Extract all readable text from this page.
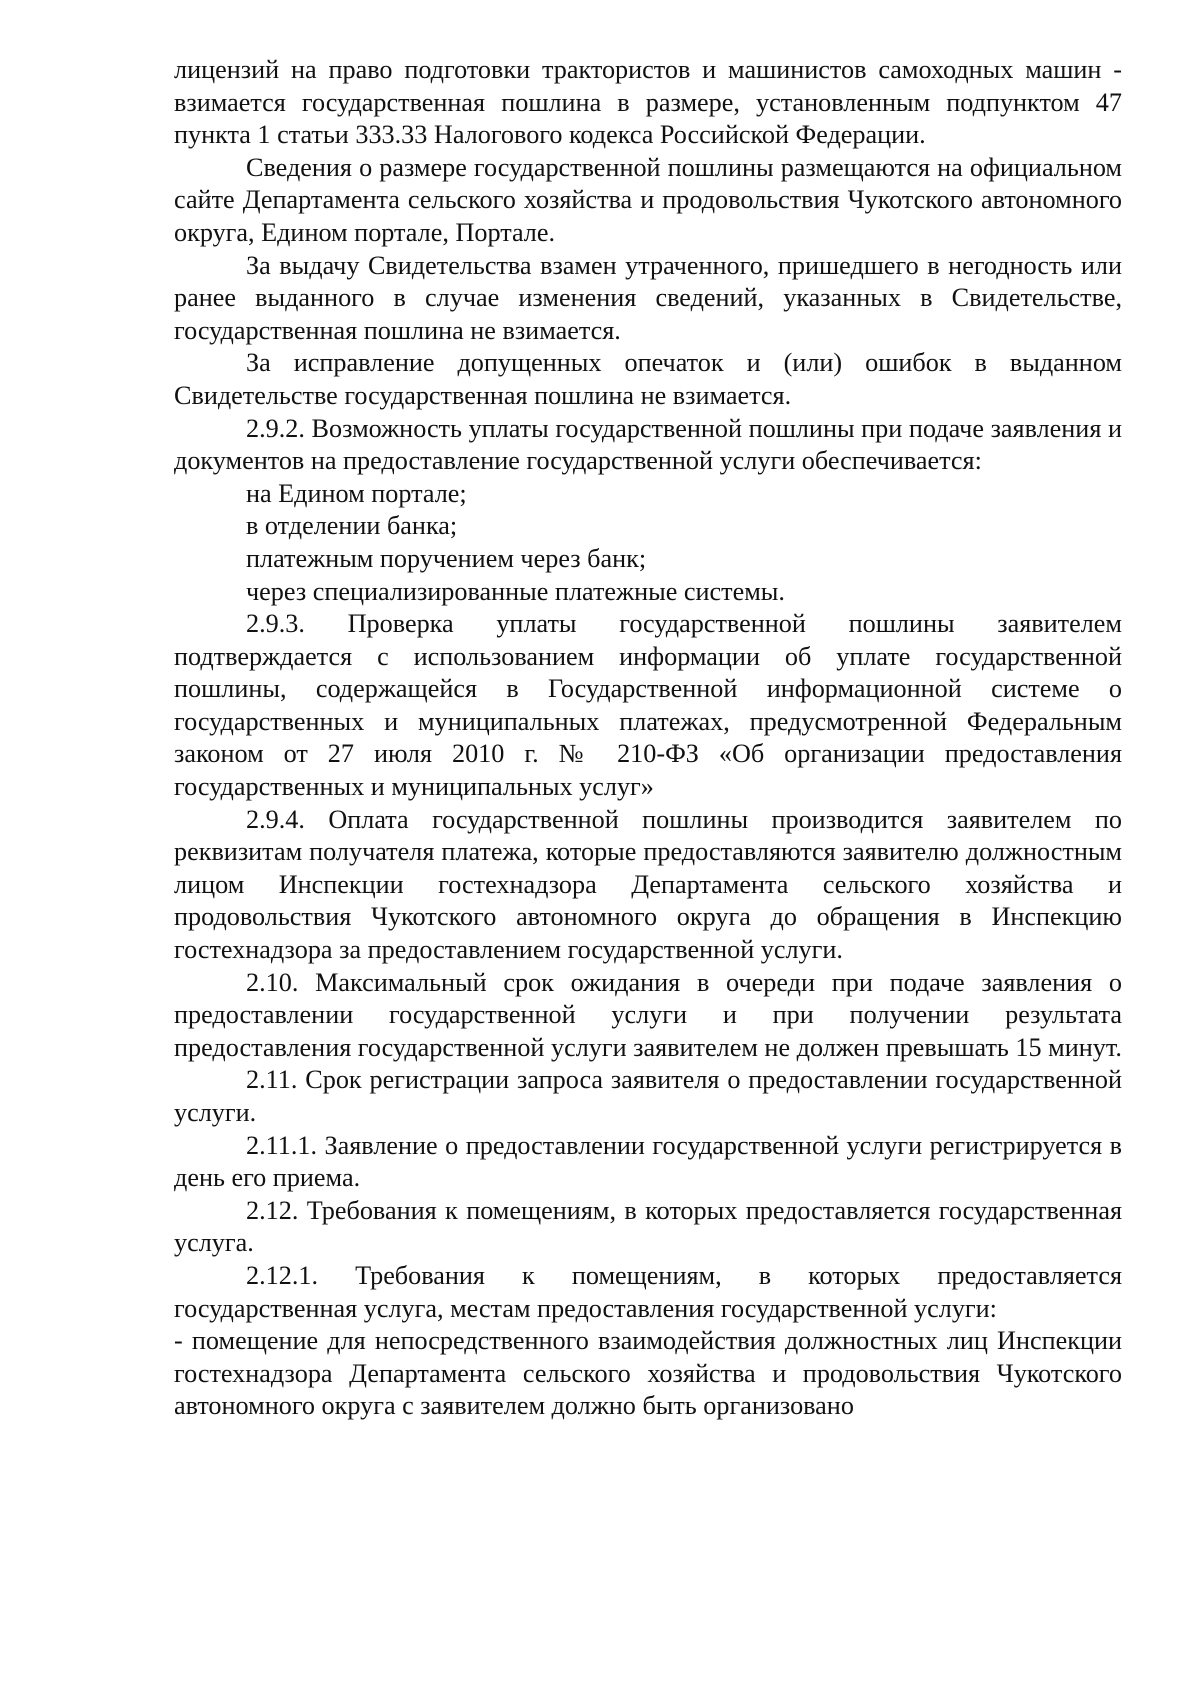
лицензий на право подготовки трактористов и машинистов самоходных машин - взимается государственная пошлина в размере, установленным подпунктом 47 пункта 1 статьи 333.33 Налогового кодекса Российской Федерации.

Сведения о размере государственной пошлины размещаются на официальном сайте Департамента сельского хозяйства и продовольствия Чукотского автономного округа, Едином портале, Портале.

За выдачу Свидетельства взамен утраченного, пришедшего в негодность или ранее выданного в случае изменения сведений, указанных в Свидетельстве, государственная пошлина не взимается.

За исправление допущенных опечаток и (или) ошибок в выданном Свидетельстве государственная пошлина не взимается.

2.9.2. Возможность уплаты государственной пошлины при подаче заявления и документов на предоставление государственной услуги обеспечивается:

на Едином портале;

в отделении банка;

платежным поручением через банк;

через специализированные платежные системы.

2.9.3. Проверка уплаты государственной пошлины заявителем подтверждается с использованием информации об уплате государственной пошлины, содержащейся в Государственной информационной системе о государственных и муниципальных платежах, предусмотренной Федеральным законом от 27 июля 2010 г. № 210-ФЗ «Об организации предоставления государственных и муниципальных услуг»

2.9.4. Оплата государственной пошлины производится заявителем по реквизитам получателя платежа, которые предоставляются заявителю должностным лицом Инспекции гостехнадзора Департамента сельского хозяйства и продовольствия Чукотского автономного округа до обращения в Инспекцию гостехнадзора за предоставлением государственной услуги.

2.10. Максимальный срок ожидания в очереди при подаче заявления о предоставлении государственной услуги и при получении результата предоставления государственной услуги заявителем не должен превышать 15 минут.

2.11. Срок регистрации запроса заявителя о предоставлении государственной услуги.

2.11.1. Заявление о предоставлении государственной услуги регистрируется в день его приема.

2.12. Требования к помещениям, в которых предоставляется государственная услуга.

2.12.1. Требования к помещениям, в которых предоставляется государственная услуга, местам предоставления государственной услуги:

- помещение для непосредственного взаимодействия должностных лиц Инспекции гостехнадзора Департамента сельского хозяйства и продовольствия Чукотского автономного округа с заявителем должно быть организовано
